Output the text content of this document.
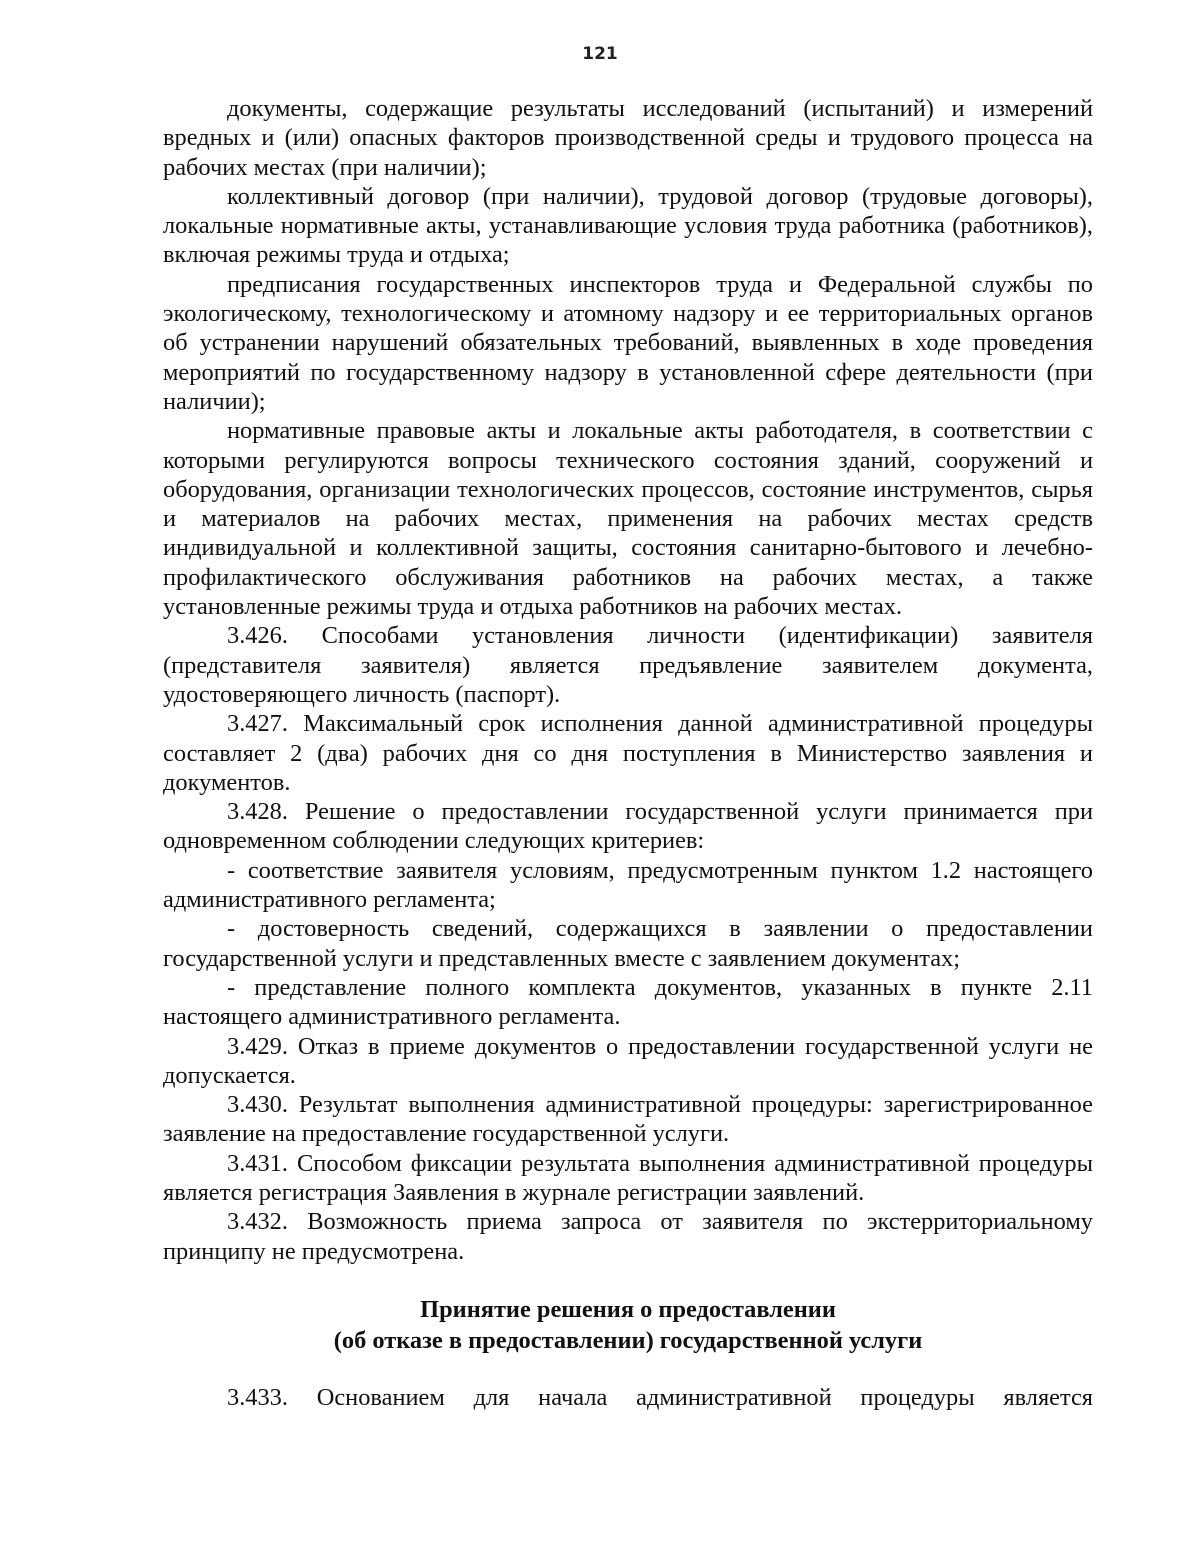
121

документы, содержащие результаты исследований (испытаний) и измерений вредных и (или) опасных факторов производственной среды и трудового процесса на рабочих местах (при наличии);

коллективный договор (при наличии), трудовой договор (трудовые договоры), локальные нормативные акты, устанавливающие условия труда работника (работников), включая режимы труда и отдыха;

предписания государственных инспекторов труда и Федеральной службы по экологическому, технологическому и атомному надзору и ее территориальных органов об устранении нарушений обязательных требований, выявленных в ходе проведения мероприятий по государственному надзору в установленной сфере деятельности (при наличии);

нормативные правовые акты и локальные акты работодателя, в соответствии с которыми регулируются вопросы технического состояния зданий, сооружений и оборудования, организации технологических процессов, состояние инструментов, сырья и материалов на рабочих местах, применения на рабочих местах средств индивидуальной и коллективной защиты, состояния санитарно-бытового и лечебно-профилактического обслуживания работников на рабочих местах, а также установленные режимы труда и отдыха работников на рабочих местах.

3.426. Способами установления личности (идентификации) заявителя (представителя заявителя) является предъявление заявителем документа, удостоверяющего личность (паспорт).

3.427. Максимальный срок исполнения данной административной процедуры составляет 2 (два) рабочих дня со дня поступления в Министерство заявления и документов.

3.428. Решение о предоставлении государственной услуги принимается при одновременном соблюдении следующих критериев:

- соответствие заявителя условиям, предусмотренным пунктом 1.2 настоящего административного регламента;

- достоверность сведений, содержащихся в заявлении о предоставлении государственной услуги и представленных вместе с заявлением документах;

- представление полного комплекта документов, указанных в пункте 2.11 настоящего административного регламента.

3.429. Отказ в приеме документов о предоставлении государственной услуги не допускается.

3.430. Результат выполнения административной процедуры: зарегистрированное заявление на предоставление государственной услуги.

3.431. Способом фиксации результата выполнения административной процедуры является регистрация Заявления в журнале регистрации заявлений.

3.432. Возможность приема запроса от заявителя по экстерриториальному принципу не предусмотрена.

Принятие решения о предоставлении
(об отказе в предоставлении) государственной услуги
3.433. Основанием для начала административной процедуры является
